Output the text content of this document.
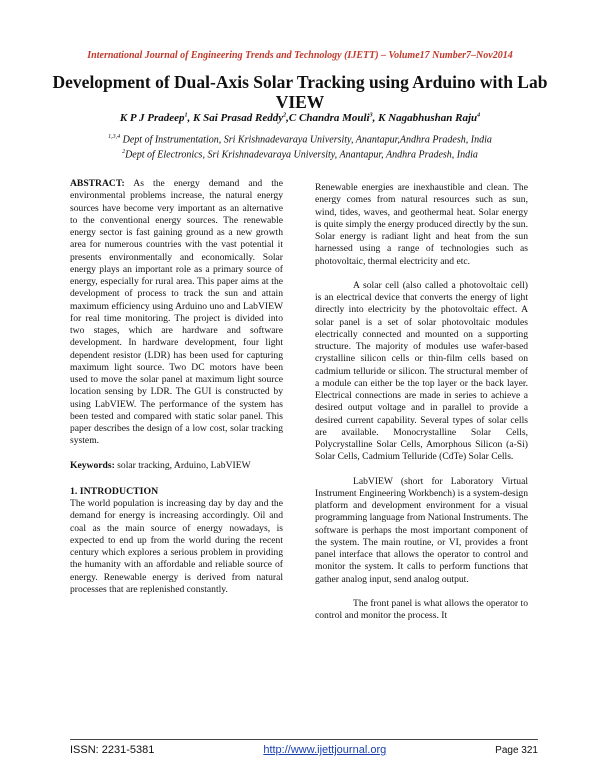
International Journal of Engineering Trends and Technology (IJETT) – Volume17 Number7–Nov2014
Development of Dual-Axis Solar Tracking using Arduino with Lab VIEW
K P J Pradeep$^1$, K Sai Prasad Reddy$^2$,C Chandra Mouli$^3$, K Nagabhushan Raju$^4$
$^{1,3,4}$ Dept of Instrumentation, Sri Krishnadevaraya University, Anantapur,Andhra Pradesh, India
$^2$Dept of Electronics, Sri Krishnadevaraya University, Anantapur, Andhra Pradesh, India

ABSTRACT: As the energy demand and the environmental problems increase, the natural energy sources have become very important as an alternative to the conventional energy sources. The renewable energy sector is fast gaining ground as a new growth area for numerous countries with the vast potential it presents environmentally and economically. Solar energy plays an important role as a primary source of energy, especially for rural area. This paper aims at the development of process to track the sun and attain maximum efficiency using Arduino uno and LabVIEW for real time monitoring. The project is divided into two stages, which are hardware and software development. In hardware development, four light dependent resistor (LDR) has been used for capturing maximum light source. Two DC motors have been used to move the solar panel at maximum light source location sensing by LDR. The GUI is constructed by using LabVIEW. The performance of the system has been tested and compared with static solar panel. This paper describes the design of a low cost, solar tracking system.

Keywords: solar tracking, Arduino, LabVIEW

1. INTRODUCTION

The world population is increasing day by day and the demand for energy is increasing accordingly. Oil and coal as the main source of energy nowadays, is expected to end up from the world during the recent century which explores a serious problem in providing the humanity with an affordable and reliable source of energy. Renewable energy is derived from natural processes that are replenished constantly.

Renewable energies are inexhaustible and clean. The energy comes from natural resources such as sun, wind, tides, waves, and geothermal heat. Solar energy is quite simply the energy produced directly by the sun. Solar energy is radiant light and heat from the sun harnessed using a range of technologies such as photovoltaic, thermal electricity and etc.

A solar cell (also called a photovoltaic cell) is an electrical device that converts the energy of light directly into electricity by the photovoltaic effect. A solar panel is a set of solar photovoltaic modules electrically connected and mounted on a supporting structure. The majority of modules use wafer-based crystalline silicon cells or thin-film cells based on cadmium telluride or silicon. The structural member of a module can either be the top layer or the back layer. Electrical connections are made in series to achieve a desired output voltage and in parallel to provide a desired current capability. Several types of solar cells are available. Monocrystalline Solar Cells, Polycrystalline Solar Cells, Amorphous Silicon (a-Si) Solar Cells, Cadmium Telluride (CdTe) Solar Cells.

LabVIEW (short for Laboratory Virtual Instrument Engineering Workbench) is a system-design platform and development environment for a visual programming language from National Instruments. The software is perhaps the most important component of the system. The main routine, or VI, provides a front panel interface that allows the operator to control and monitor the system. It calls to perform functions that gather analog input, send analog output.

The front panel is what allows the operator to control and monitor the process. It

ISSN: 2231-5381	http://www.ijettjournal.org	Page 321
